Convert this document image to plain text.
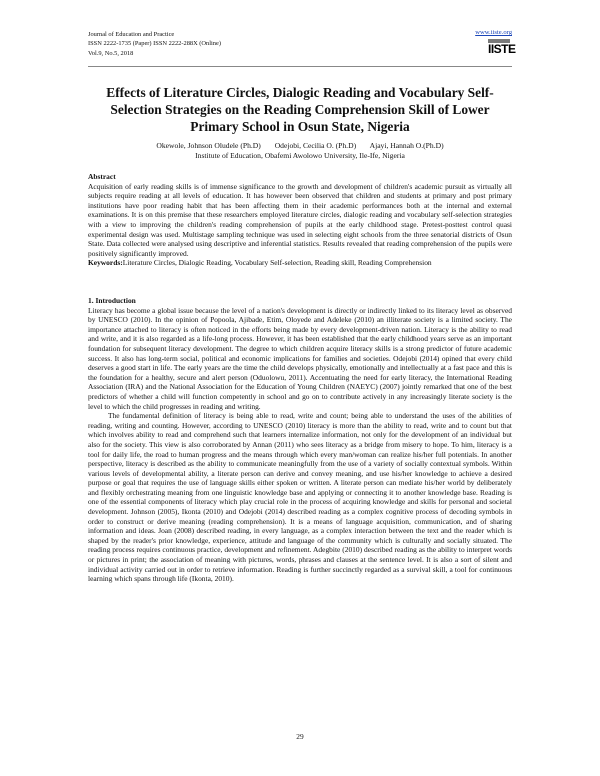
Journal of Education and Practice
ISSN 2222-1735 (Paper) ISSN 2222-288X (Online)
Vol.9, No.5, 2018
www.iiste.org
IISTE
Effects of Literature Circles, Dialogic Reading and Vocabulary Self-Selection Strategies on the Reading Comprehension Skill of Lower Primary School in Osun State, Nigeria
Okewole, Johnson Oludele (Ph.D) Odejobi, Cecilia O. (Ph.D) Ajayi, Hannah O.(Ph.D)
Institute of Education, Obafemi Awolowo University, Ile-Ife, Nigeria

Abstract

Acquisition of early reading skills is of immense significance to the growth and development of children's academic pursuit as virtually all subjects require reading at all levels of education. It has however been observed that children and students at primary and post primary institutions have poor reading habit that has been affecting them in their academic performances both at the internal and external examinations. It is on this premise that these researchers employed literature circles, dialogic reading and vocabulary self-selection strategies with a view to improving the children's reading comprehension of pupils at the early childhood stage. Pretest-posttest control quasi experimental design was used. Multistage sampling technique was used in selecting eight schools from the three senatorial districts of Osun State. Data collected were analysed using descriptive and inferential statistics. Results revealed that reading comprehension of the pupils were positively significantly improved.

Keywords:Literature Circles, Dialogic Reading, Vocabulary Self-selection, Reading skill, Reading Comprehension

1. Introduction

Literacy has become a global issue because the level of a nation's development is directly or indirectly linked to its literacy level as observed by UNESCO (2010). In the opinion of Popoola, Ajibade, Etim, Oloyede and Adeleke (2010) an illiterate society is a limited society. The importance attached to literacy is often noticed in the efforts being made by every development-driven nation. Literacy is the ability to read and write, and it is also regarded as a life-long process. However, it has been established that the early childhood years serve as an important foundation for subsequent literacy development. The degree to which children acquire literacy skills is a strong predictor of future academic success. It also has long-term social, political and economic implications for families and societies. Odejobi (2014) opined that every child deserves a good start in life. The early years are the time the child develops physically, emotionally and intellectually at a fast pace and this is the foundation for a healthy, secure and alert person (Oduolowu, 2011). Accentuating the need for early literacy, the International Reading Association (IRA) and the National Association for the Education of Young Children (NAEYC) (2007) jointly remarked that one of the best predictors of whether a child will function competently in school and go on to contribute actively in any increasingly literate society is the level to which the child progresses in reading and writing.

The fundamental definition of literacy is being able to read, write and count; being able to understand the uses of the abilities of reading, writing and counting. However, according to UNESCO (2010) literacy is more than the ability to read, write and to count but that which involves ability to read and comprehend such that learners internalize information, not only for the development of an individual but also for the society. This view is also corroborated by Annan (2011) who sees literacy as a bridge from misery to hope. To him, literacy is a tool for daily life, the road to human progress and the means through which every man/woman can realize his/her full potentials. In another perspective, literacy is described as the ability to communicate meaningfully from the use of a variety of socially contextual symbols. Within various levels of developmental ability, a literate person can derive and convey meaning, and use his/her knowledge to achieve a desired purpose or goal that requires the use of language skills either spoken or written. A literate person can mediate his/her world by deliberately and flexibly orchestrating meaning from one linguistic knowledge base and applying or connecting it to another knowledge base. Reading is one of the essential components of literacy which play crucial role in the process of acquiring knowledge and skills for personal and societal development. Johnson (2005), Ikonta (2010) and Odejobi (2014) described reading as a complex cognitive process of decoding symbols in order to construct or derive meaning (reading comprehension). It is a means of language acquisition, communication, and of sharing information and ideas. Joan (2008) described reading, in every language, as a complex interaction between the text and the reader which is shaped by the reader's prior knowledge, experience, attitude and language of the community which is culturally and socially situated. The reading process requires continuous practice, development and refinement. Adegbite (2010) described reading as the ability to interpret words or pictures in print; the association of meaning with pictures, words, phrases and clauses at the sentence level. It is also a sort of silent and individual activity carried out in order to retrieve information. Reading is further succinctly regarded as a survival skill, a tool for continuous learning which spans through life (Ikonta, 2010).

29
